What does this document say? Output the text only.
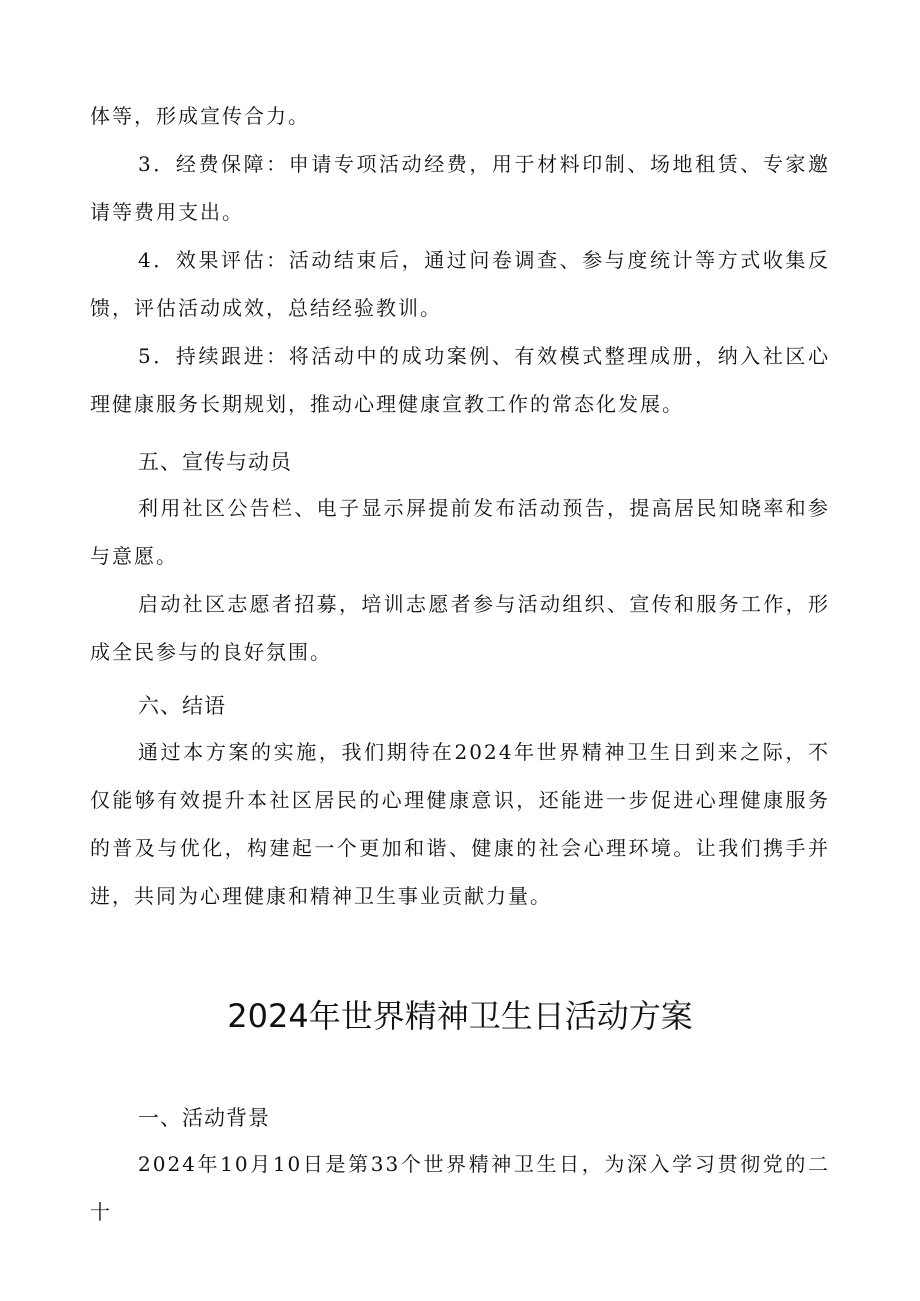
体等，形成宣传合力。

3．经费保障：申请专项活动经费，用于材料印制、场地租赁、专家邀请等费用支出。

4．效果评估：活动结束后，通过问卷调查、参与度统计等方式收集反馈，评估活动成效，总结经验教训。

5．持续跟进：将活动中的成功案例、有效模式整理成册，纳入社区心理健康服务长期规划，推动心理健康宣教工作的常态化发展。

五、宣传与动员

利用社区公告栏、电子显示屏提前发布活动预告，提高居民知晓率和参与意愿。

启动社区志愿者招募，培训志愿者参与活动组织、宣传和服务工作，形成全民参与的良好氛围。

六、结语

通过本方案的实施，我们期待在2024年世界精神卫生日到来之际，不仅能够有效提升本社区居民的心理健康意识，还能进一步促进心理健康服务的普及与优化，构建起一个更加和谐、健康的社会心理环境。让我们携手并进，共同为心理健康和精神卫生事业贡献力量。

2024年世界精神卫生日活动方案
一、活动背景

2024年10月10日是第33个世界精神卫生日，为深入学习贯彻党的二十
